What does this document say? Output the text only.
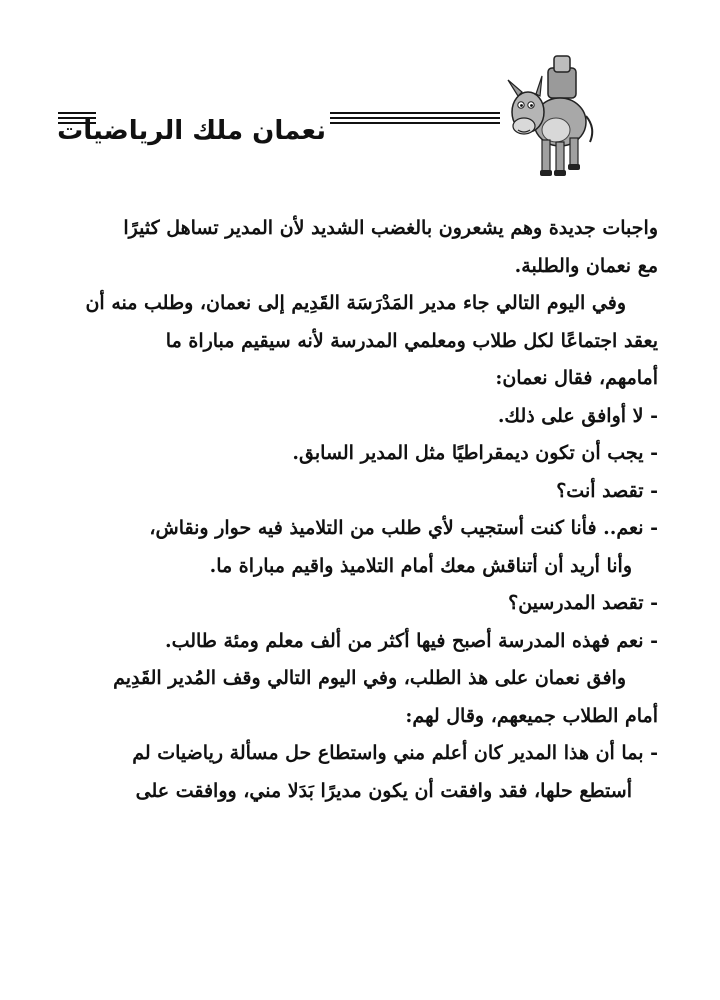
نعمان ملك الرياضيات
واجبات جديدة وهم يشعرون بالغضب الشديد لأن المدير تساهل كثيرًا
مع نعمان والطلبة.
وفي اليوم التالي جاء مدير المَدْرَسَة القَدِيم إلى نعمان، وطلب منه أن
يعقد اجتماعًا لكل طلاب ومعلمي المدرسة لأنه سيقيم مباراة ما
أمامهم، فقال نعمان:
- لا أوافق على ذلك.
- يجب أن تكون ديمقراطيًا مثل المدير السابق.
- تقصد أنت؟
- نعم.. فأنا كنت أستجيب لأي طلب من التلاميذ فيه حوار ونقاش،
وأنا أريد أن أتناقش معك أمام التلاميذ واقيم مباراة ما.
- تقصد المدرسين؟
- نعم فهذه المدرسة أصبح فيها أكثر من ألف معلم ومئة طالب.
وافق نعمان على هذ الطلب، وفي اليوم التالي وقف المُدير القَدِيم
أمام الطلاب جميعهم، وقال لهم:
- بما أن هذا المدير كان أعلم مني واستطاع حل مسألة رياضيات لم
أستطع حلها، فقد وافقت أن يكون مديرًا بَدَلا مني، ووافقت على
